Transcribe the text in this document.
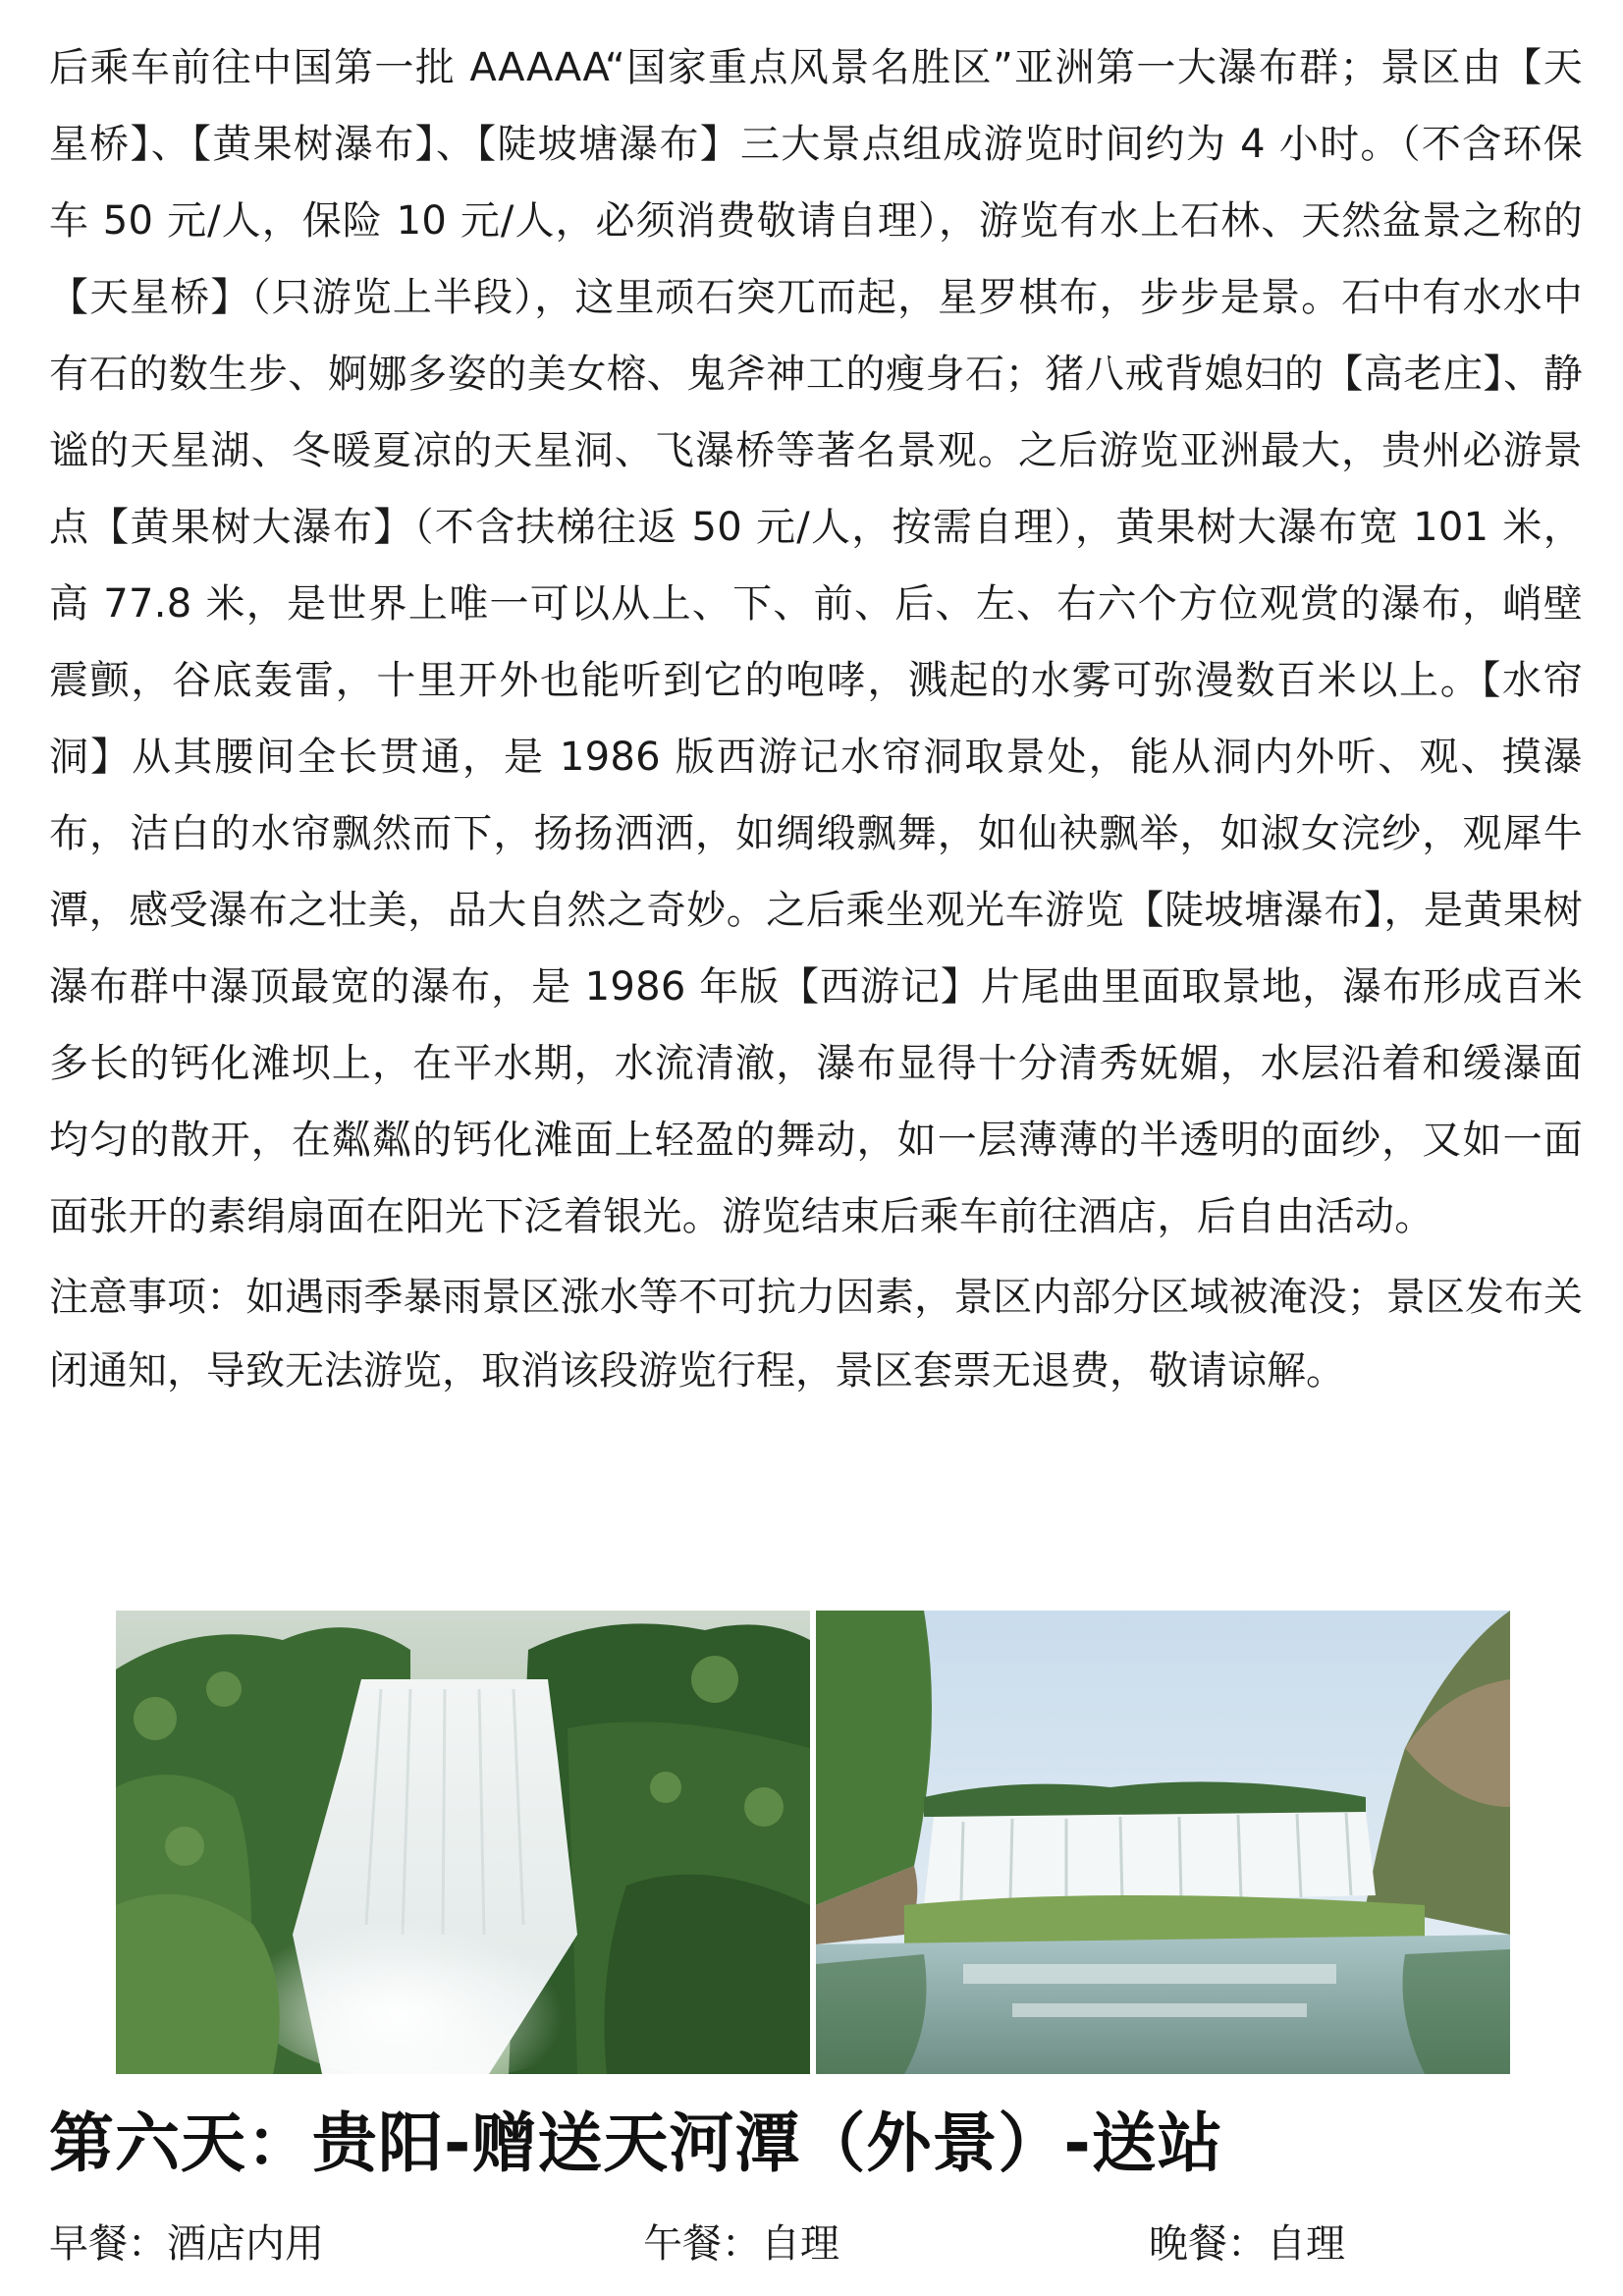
后乘车前往中国第一批 AAAAA“国家重点风景名胜区”亚洲第一大瀑布群；景区由【天星桥】、【黄果树瀑布】、【陡坡塘瀑布】三大景点组成游览时间约为 4 小时。（不含环保车 50 元/人，保险 10 元/人，必须消费敬请自理），游览有水上石林、天然盆景之称的【天星桥】（只游览上半段），这里顽石突兀而起，星罗棋布，步步是景。石中有水水中有石的数生步、婀娜多姿的美女榕、鬼斧神工的瘦身石；猪八戒背媳妇的【高老庄】、静谧的天星湖、冬暖夏凉的天星洞、飞瀑桥等著名景观。之后游览亚洲最大，贵州必游景点【黄果树大瀑布】（不含扶梯往返 50 元/人，按需自理），黄果树大瀑布宽 101 米，高 77.8 米，是世界上唯一可以从上、下、前、后、左、右六个方位观赏的瀑布，峭壁震颤，谷底轰雷，十里开外也能听到它的咆哮，溅起的水雾可弥漫数百米以上。【水帘洞】从其腰间全长贯通，是 1986 版西游记水帘洞取景处，能从洞内外听、观、摸瀑布，洁白的水帘飘然而下，扬扬洒洒，如绸缎飘舞，如仙袂飘举，如淑女浣纱，观犀牛潭，感受瀑布之壮美，品大自然之奇妙。之后乘坐观光车游览【陡坡塘瀑布】，是黄果树瀑布群中瀑顶最宽的瀑布，是 1986 年版【西游记】片尾曲里面取景地，瀑布形成百米多长的钙化滩坝上，在平水期，水流清澈，瀑布显得十分清秀妩媚，水层沿着和缓瀑面均匀的散开，在粼粼的钙化滩面上轻盈的舞动，如一层薄薄的半透明的面纱，又如一面面张开的素绢扇面在阳光下泛着银光。游览结束后乘车前往酒店，后自由活动。

注意事项：如遇雨季暴雨景区涨水等不可抗力因素，景区内部分区域被淹没；景区发布关闭通知，导致无法游览，取消该段游览行程，景区套票无退费，敬请谅解。

第六天：贵阳-赠送天河潭（外景）-送站
早餐：酒店内用	午餐：自理	晚餐：自理
